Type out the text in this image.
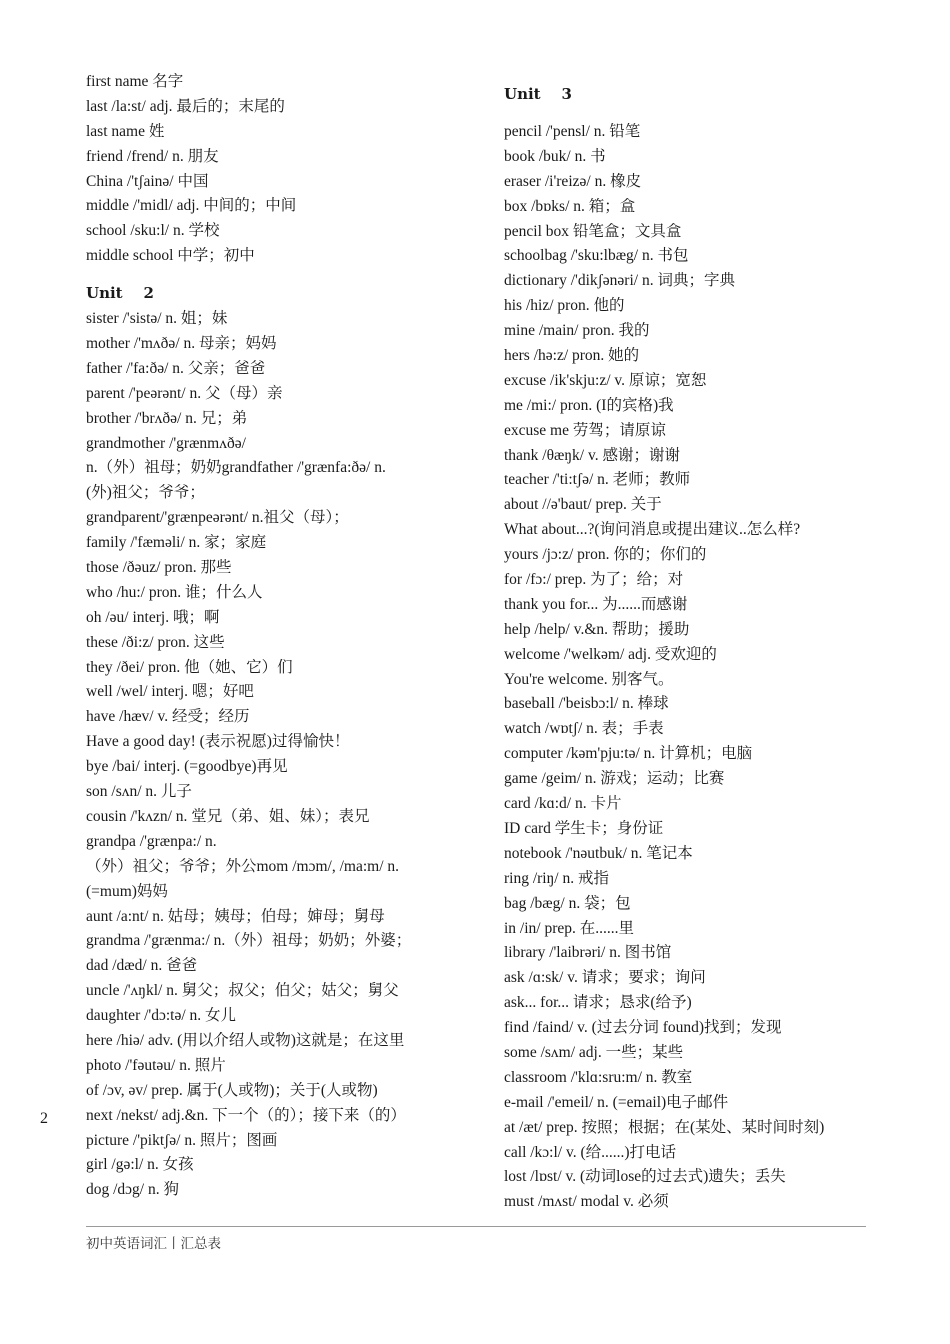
first name 名字
last /la:st/ adj. 最后的；末尾的
last name 姓
friend /frend/ n. 朋友
China /'tʃainə/ 中国
middle /'midl/ adj. 中间的；中间
school /sku:l/ n. 学校
middle school 中学；初中
Unit    2
sister /'sistə/ n. 姐；妹
mother /'mʌðə/ n. 母亲；妈妈
father /'fa:ðə/ n. 父亲；爸爸
parent /'peərənt/ n. 父（母）亲
brother /'brʌðə/ n. 兄；弟
grandmother /'grænmʌðə/
n.（外）祖母；奶奶grandfather /'grænfa:ðə/ n.
(外)祖父；爷爷；
grandparent/'grænpeərənt/ n.祖父（母）；
family /'fæməli/ n. 家；家庭
those /ðəuz/ pron. 那些
who /hu:/ pron. 谁；什么人
oh /əu/ interj. 哦；啊
these /ði:z/ pron. 这些
they /ðei/ pron. 他（她、它）们
well /wel/ interj. 嗯；好吧
have /hæv/ v. 经受；经历
Have a good day! (表示祝愿)过得愉快！
bye /bai/ interj. (=goodbye)再见
son /sʌn/ n. 儿子
cousin /'kʌzn/ n. 堂兄（弟、姐、妹）；表兄
grandpa /'grænpa:/ n.
（外）祖父；爷爷；外公mom /mɔm/, /ma:m/ n.
(=mum)妈妈
aunt /a:nt/ n. 姑母；姨母；伯母；婶母；舅母
grandma /'grænma:/ n.（外）祖母；奶奶；外婆；
dad /dæd/ n. 爸爸
uncle /'ʌŋkl/ n. 舅父；叔父；伯父；姑父；舅父
daughter /'dɔ:tə/ n. 女儿
here /hiə/ adv. (用以介绍人或物)这就是；在这里
photo /'fəutəu/ n. 照片
of /ɔv, əv/ prep. 属于(人或物)；关于(人或物)
next /nekst/ adj.&n. 下一个（的）；接下来（的）
picture /'piktʃə/ n. 照片；图画
girl /gə:l/ n. 女孩
dog /dɔg/ n. 狗
Unit    3
pencil /'pensl/ n. 铅笔
book /buk/ n. 书
eraser /i'reizə/ n. 橡皮
box /bɒks/ n. 箱；盒
pencil box 铅笔盒；文具盒
schoolbag /'sku:lbæg/ n. 书包
dictionary /'dikʃənəri/ n. 词典；字典
his /hiz/ pron. 他的
mine /main/ pron. 我的
hers /hə:z/ pron. 她的
excuse /ik'skju:z/ v. 原谅；宽恕
me /mi:/ pron. (I的宾格)我
excuse me 劳驾；请原谅
thank /θæŋk/ v. 感谢；谢谢
teacher /'ti:tʃə/ n. 老师；教师
about //ə'baut/ prep. 关于
What about...?(询问消息或提出建议..怎么样?
yours /jɔ:z/ pron. 你的；你们的
for /fɔ:/ prep. 为了；给；对
thank you for... 为......而感谢
help /help/ v.&n. 帮助；援助
welcome /'welkəm/ adj. 受欢迎的
You're welcome. 别客气。
baseball /'beisbɔ:l/ n. 棒球
watch /wɒtʃ/ n. 表；手表
computer /kəm'pju:tə/ n. 计算机；电脑
game /geim/ n. 游戏；运动；比赛
card /kɑ:d/ n. 卡片
ID card 学生卡；身份证
notebook /'nəutbuk/ n. 笔记本
ring /riŋ/ n. 戒指
bag /bæg/ n. 袋；包
in /in/ prep. 在......里
library /'laibrəri/ n. 图书馆
ask /ɑ:sk/ v. 请求；要求；询问
ask... for... 请求；恳求(给予)
find /faind/ v. (过去分词 found)找到；发现
some /sʌm/ adj. 一些；某些
classroom /'klɑ:sru:m/ n. 教室
e-mail /'emeil/ n. (=email)电子邮件
at /æt/ prep. 按照；根据；在(某处、某时间时刻)
call /kɔ:l/ v. (给......)打电话
lost /lɒst/ v. (动词lose的过去式)遗失；丢失
must /mʌst/ modal v. 必须
2
初中英语词汇丨汇总表
